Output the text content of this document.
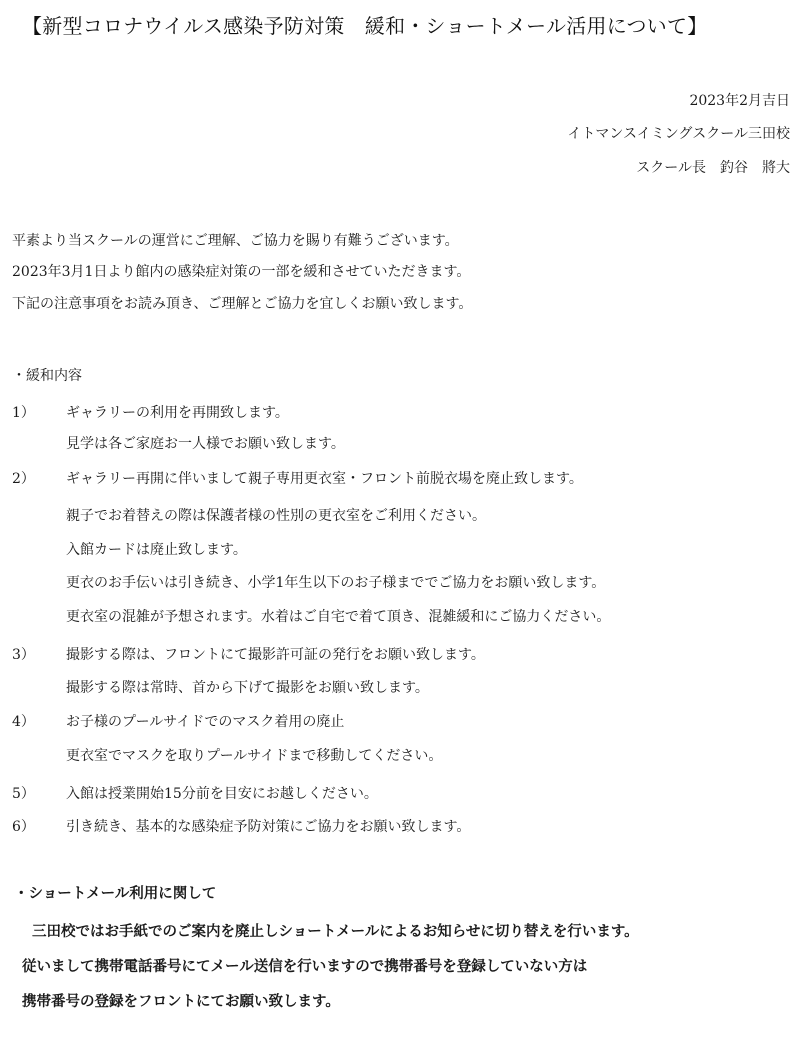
【新型コロナウイルス感染予防対策　緩和・ショートメール活用について】
2023年2月吉日
イトマンスイミングスクール三田校
スクール長　釣谷　將大
平素より当スクールの運営にご理解、ご協力を賜り有難うございます。
2023年3月1日より館内の感染症対策の一部を緩和させていただきます。
下記の注意事項をお読み頂き、ご理解とご協力を宜しくお願い致します。
・緩和内容
1） ギャラリーの利用を再開致します。
見学は各ご家庭お一人様でお願い致します。
2） ギャラリー再開に伴いまして親子専用更衣室・フロント前脱衣場を廃止致します。
親子でお着替えの際は保護者様の性別の更衣室をご利用ください。
入館カードは廃止致します。
更衣のお手伝いは引き続き、小学1年生以下のお子様まででご協力をお願い致します。
更衣室の混雑が予想されます。水着はご自宅で着て頂き、混雑緩和にご協力ください。
3） 撮影する際は、フロントにて撮影許可証の発行をお願い致します。
撮影する際は常時、首から下げて撮影をお願い致します。
4） お子様のプールサイドでのマスク着用の廃止
更衣室でマスクを取りプールサイドまで移動してください。
5） 入館は授業開始15分前を目安にお越しください。
6） 引き続き、基本的な感染症予防対策にご協力をお願い致します。
・ショートメール利用に関して
三田校ではお手紙でのご案内を廃止しショートメールによるお知らせに切り替えを行います。
従いまして携帯電話番号にてメール送信を行いますので携帯番号を登録していない方は
携帯番号の登録をフロントにてお願い致します。
